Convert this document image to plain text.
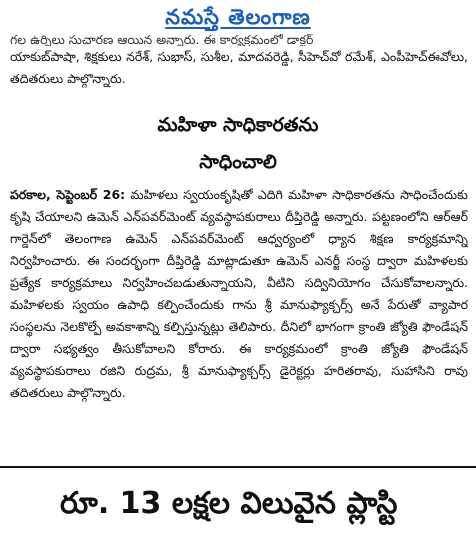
నమస్తే తెలంగాణ

గల ఉర్నిలు సుచారణ ఆయిన అన్నారు. ఈ కార్యక్రమంలో డాక్టర్
యాకుబ్‌పాషా, శిక్షకులు నరేశ్, సుభాస్, సుశీల, మాదవరెడ్డి, సీహెచ్‌వో రమేశ్, ఎంపీహెచ్‌ఈవోలు, తదితరులు పాల్గొన్నారు.

మహిళా సాధికారతను
సాధించాలి

పరకాల, సెప్టెంబర్ 26: మహిళలు స్వయంకృషితో ఎదిగి మహిళా సాధికారతను సాధించేందుకు కృషి చేయాలని ఉమెన్ ఎన్‌పవర్‌మెంట్ వ్యవస్థాపకురాలు దీప్తిరెడ్డి అన్నారు. పట్టణంలోని ఆర్‌ఆర్ గార్డెన్‌లో తెలంగాణ ఉమెన్ ఎన్‌పవర్‌మెంట్ ఆధ్వర్యంలో ధ్యాన శిక్షణ కార్యక్రమాన్ని నిర్వహించారు. ఈ సందర్భంగా దీప్తిరెడ్డి మాట్లాడుతూ ఉమెన్ ఎనర్జీ సంస్థ ద్వారా మహిళలకు ప్రత్యేక కార్యక్రమాలు నిర్వహించబడుతున్నాయని, వీటిని సద్వినియోగం చేసుకోవాలన్నారు. మహిళలకు స్వయం ఉపాధి కల్పించేందుకు గాను శ్రీ మానుఫ్యాక్చర్స్ అనే పేరుతో వ్యాపార సంస్థలను నెలకొల్పే అవకాశాన్ని కల్పిస్తున్నట్లు తెలిపారు. దీనిలో భాగంగా క్రాంతి జ్యోతి ఫౌండేషన్ ద్వారా సభ్యత్వం తీసుకోవాలని కోరారు. ఈ కార్యక్రమంలో క్రాంతి జ్యోతి ఫౌండేషన్ వ్యవస్థాపకురాలు రజిని రుద్రమ, శ్రీ మానుఫ్యాక్చర్స్ డైరెక్టర్లు హరితరావు, సుహాసిని రావు తదితరులు పాల్గొన్నారు.

రూ. 13 లక్షల విలువైన ప్లాస్టి
